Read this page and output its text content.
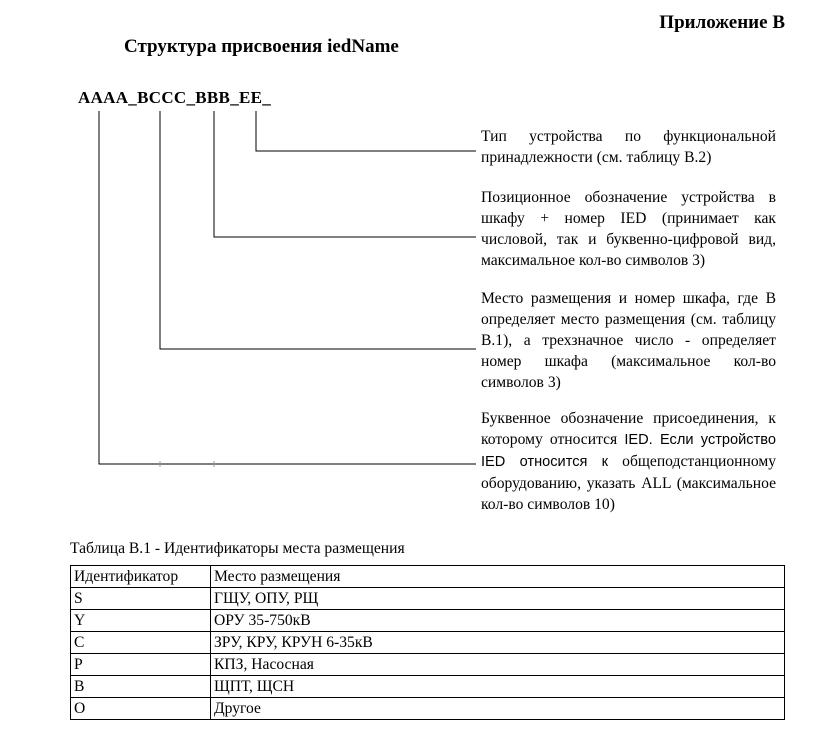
Приложение В
Структура присвоения iedName
AAAA_BCCC_BBB_EE_
Тип устройства по функциональной принадлежности (см. таблицу В.2)
Позиционное обозначение устройства в шкафу + номер IED (принимает как числовой, так и буквенно-цифровой вид, максимальное кол-во символов 3)
Место размещения и номер шкафа, где B определяет место размещения (см. таблицу В.1), а трехзначное число - определяет номер шкафа (максимальное кол-во символов 3)
Буквенное обозначение присоединения, к которому относится IED. Если устройство IED относится к общеподстанционному оборудованию, указать ALL (максимальное кол-во символов 10)
Таблица В.1 - Идентификаторы места размещения
Идентификатор	Место размещения
S	ГЩУ, ОПУ, РЩ
Y	ОРУ 35-750кВ
C	ЗРУ, КРУ, КРУН 6-35кВ
P	КПЗ, Насосная
B	ЩПТ, ЩСН
O	Другое
